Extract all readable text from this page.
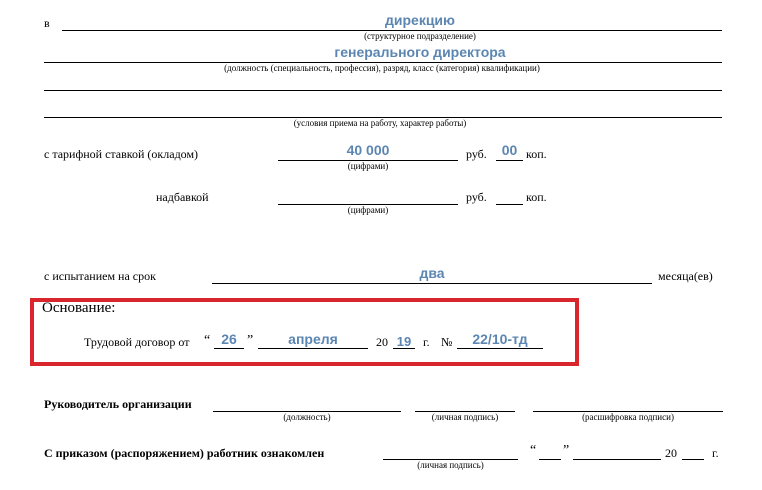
в	дирекцию
(структурное подразделение)
генерального директора
(должность (специальность, профессия), разряд, класс (категория) квалификации)
(условия приема на работу, характер работы)
с тарифной ставкой (окладом)	40 000	руб.	00 коп.
(цифрами)
надбавкой	руб.	коп.
(цифрами)
с испытанием на срок	два	месяца(ев)
Основание:
Трудовой договор от “ 26 ”	апреля	20 19 г. №	22/10-тд
Руководитель организации
(должность)	(личная подпись)	(расшифровка подписи)
С приказом (распоряжением) работник ознакомлен
(личная подпись)
“ ”	20	г.
